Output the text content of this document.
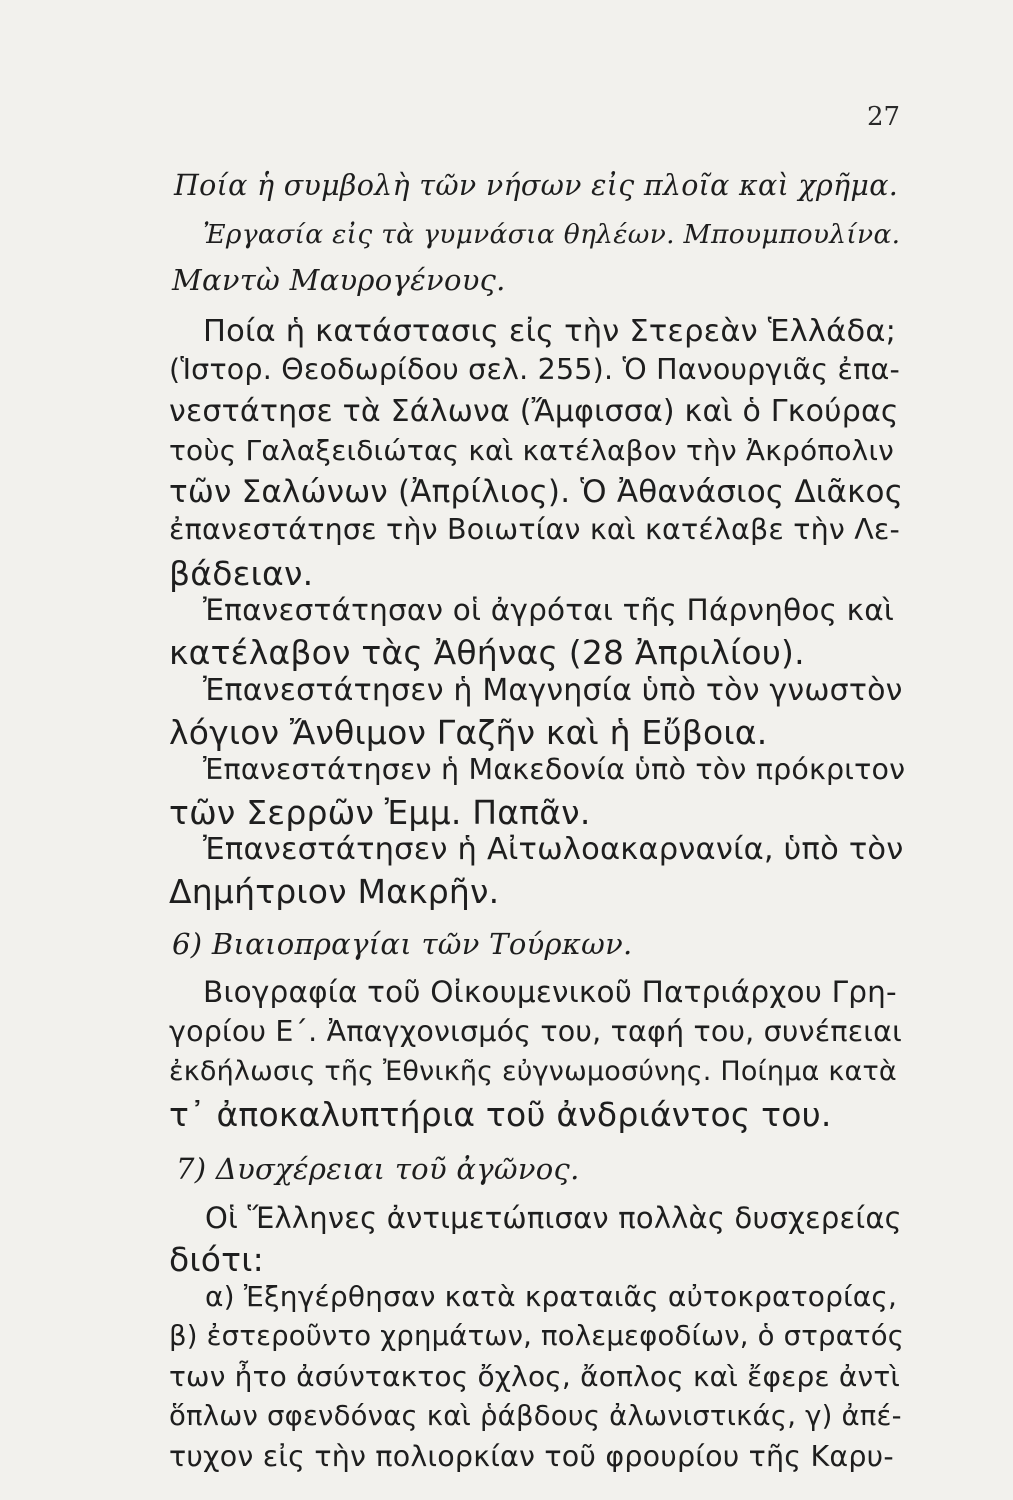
27
Ποία ἡ συμβολὴ τῶν νήσων εἰς πλοῖα καὶ χρῆμα.
Ἐργασία εἰς τὰ γυμνάσια θηλέων. Μπουμπουλίνα.
Μαντὼ Μαυρογένους.
Ποία ἡ κατάστασις εἰς τὴν Στερεὰν Ἑλλάδα;
(Ἱστορ. Θεοδωρίδου σελ. 255). Ὁ Πανουργιᾶς ἐπα-
νεστάτησε τὰ Σάλωνα (Ἄμφισσα) καὶ ὁ Γκούρας
τοὺς Γαλαξειδιώτας καὶ κατέλαβον τὴν Ἀκρόπολιν
τῶν Σαλώνων (Ἀπρίλιος). Ὁ Ἀθανάσιος Διᾶκος
ἐπανεστάτησε τὴν Βοιωτίαν καὶ κατέλαβε τὴν Λε-
βάδειαν.
Ἐπανεστάτησαν οἱ ἀγρόται τῆς Πάρνηθος καὶ
κατέλαβον τὰς Ἀθήνας (28 Ἀπριλίου).
Ἐπανεστάτησεν ἡ Μαγνησία ὑπὸ τὸν γνωστὸν
λόγιον Ἄνθιμον Γαζῆν καὶ ἡ Εὔβοια.
Ἐπανεστάτησεν ἡ Μακεδονία ὑπὸ τὸν πρόκριτον
τῶν Σερρῶν Ἐμμ. Παπᾶν.
Ἐπανεστάτησεν ἡ Αἰτωλοακαρνανία, ὑπὸ τὸν
Δημήτριον Μακρῆν.
6) Βιαιοπραγίαι τῶν Τούρκων.
Βιογραφία τοῦ Οἰκουμενικοῦ Πατριάρχου Γρη-
γορίου Ε΄. Ἀπαγχονισμός του, ταφή του, συνέπειαι
ἐκδήλωσις τῆς Ἐθνικῆς εὐγνωμοσύνης. Ποίημα κατὰ
τ᾽ ἀποκαλυπτήρια τοῦ ἀνδριάντος του.
7) Δυσχέρειαι τοῦ ἀγῶνος.
Οἱ Ἕλληνες ἀντιμετώπισαν πολλὰς δυσχερείας
διότι:
α) Ἐξηγέρθησαν κατὰ κραταιᾶς αὐτοκρατορίας,
β) ἐστεροῦντο χρημάτων, πολεμεφοδίων, ὁ στρατός
των ἦτο ἀσύντακτος ὄχλος, ἄοπλος καὶ ἔφερε ἀντὶ
ὅπλων σφενδόνας καὶ ῥάβδους ἀλωνιστικάς, γ) ἀπέ-
τυχον εἰς τὴν πολιορκίαν τοῦ φρουρίου τῆς Καρυ-
